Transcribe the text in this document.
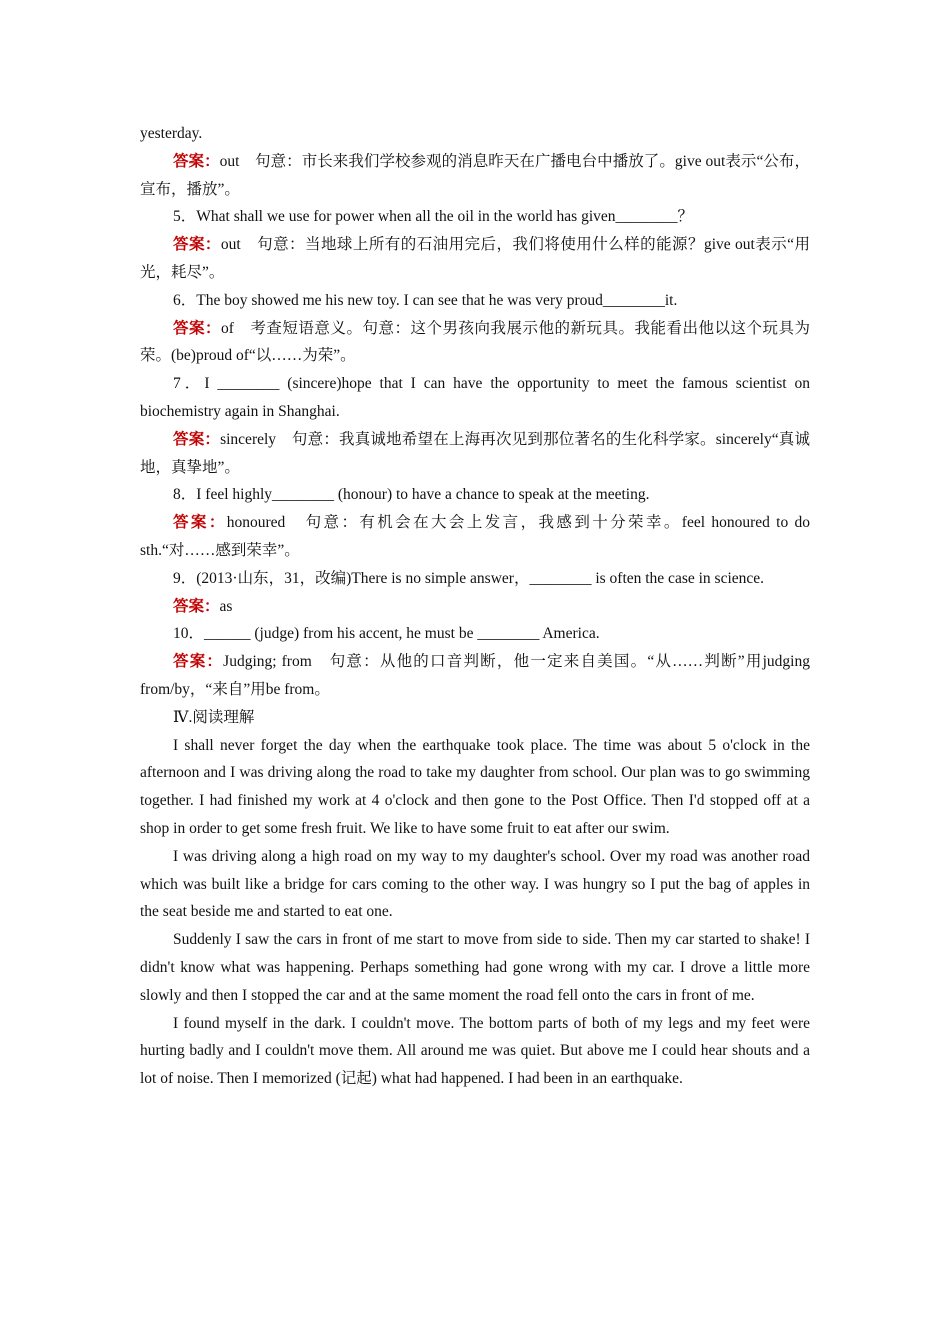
yesterday.

答案：out　句意：市长来我们学校参观的消息昨天在广播电台中播放了。give out表示“公布，宣布，播放”。

5．What shall we use for power when all the oil in the world has given________？

答案：out　句意：当地球上所有的石油用完后，我们将使用什么样的能源？give out表示“用光，耗尽”。

6．The boy showed me his new toy. I can see that he was very proud________it.

答案：of　考查短语意义。句意：这个男孩向我展示他的新玩具。我能看出他以这个玩具为荣。(be)proud of“以……为荣”。

7．I ________ (sincere)hope that I can have the opportunity to meet the famous scientist on biochemistry again in Shanghai.

答案：sincerely　句意：我真诚地希望在上海再次见到那位著名的生化科学家。sincerely“真诚地，真挚地”。

8．I feel highly________ (honour) to have a chance to speak at the meeting.

答案：honoured　句意：有机会在大会上发言，我感到十分荣幸。feel honoured to do sth.“对……感到荣幸”。

9．(2013·山东，31，改编)There is no simple answer，________ is often the case in science.

答案：as

10．______ (judge) from his accent, he must be ________ America.

答案：Judging; from　句意：从他的口音判断，他一定来自美国。“从……判断”用judging from/by，“来自”用be from。

Ⅳ.阅读理解

I shall never forget the day when the earthquake took place. The time was about 5 o'clock in the afternoon and I was driving along the road to take my daughter from school. Our plan was to go swimming together. I had finished my work at 4 o'clock and then gone to the Post Office. Then I'd stopped off at a shop in order to get some fresh fruit. We like to have some fruit to eat after our swim.

I was driving along a high road on my way to my daughter's school. Over my road was another road which was built like a bridge for cars coming to the other way. I was hungry so I put the bag of apples in the seat beside me and started to eat one.

Suddenly I saw the cars in front of me start to move from side to side. Then my car started to shake! I didn't know what was happening. Perhaps something had gone wrong with my car. I drove a little more slowly and then I stopped the car and at the same moment the road fell onto the cars in front of me.

I found myself in the dark. I couldn't move. The bottom parts of both of my legs and my feet were hurting badly and I couldn't move them. All around me was quiet. But above me I could hear shouts and a lot of noise. Then I memorized (记起) what had happened. I had been in an earthquake.
